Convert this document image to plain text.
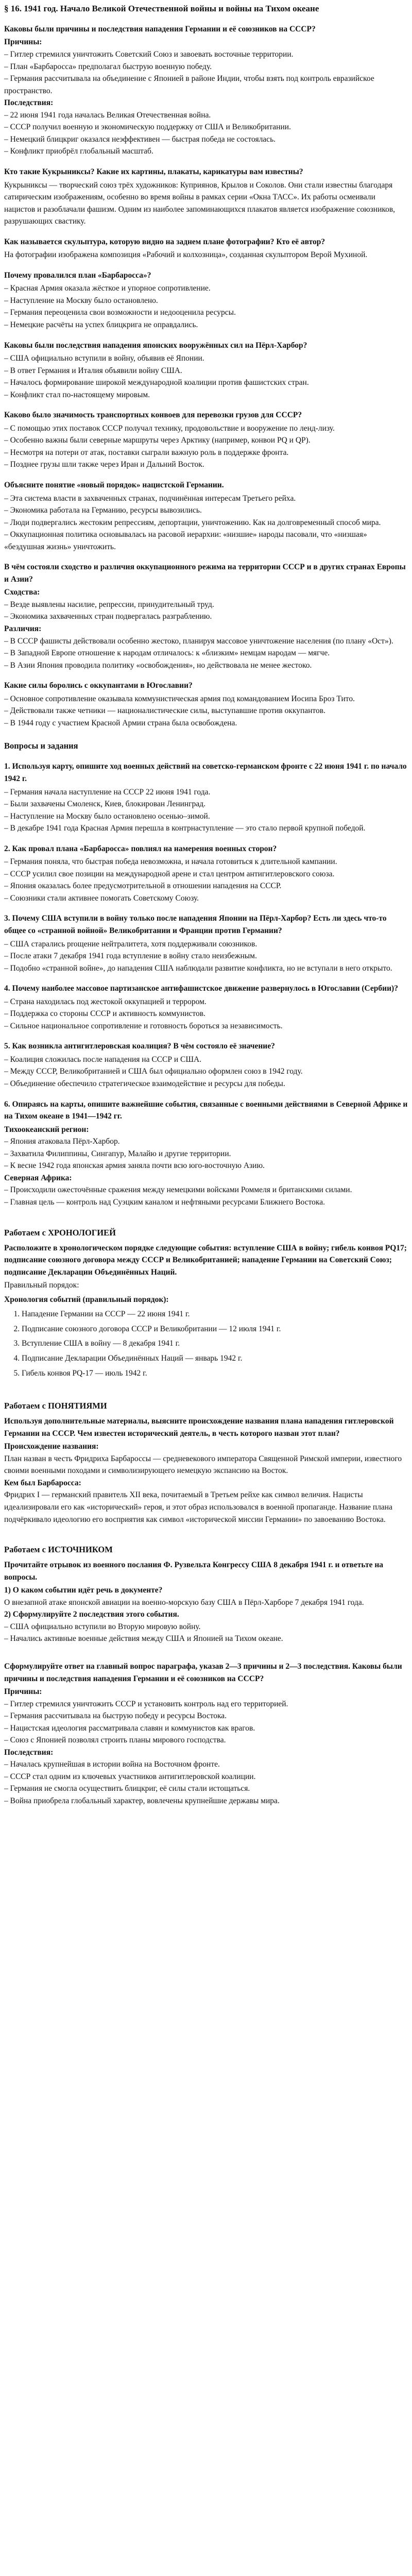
§ 16. 1941 год. Начало Великой Отечественной войны и войны на Тихом океане
Каковы были причины и последствия нападения Германии и её союзников на СССР?
Причины:
– Гитлер стремился уничтожить Советский Союз и завоевать восточные территории.
– План «Барбаросса» предполагал быструю военную победу.
– Германия рассчитывала на объединение с Японией в районе Индии, чтобы взять под контроль евразийское пространство.
Последствия:
– 22 июня 1941 года началась Великая Отечественная война.
– СССР получил военную и экономическую поддержку от США и Великобритании.
– Немецкий блицкриг оказался неэффективен — быстрая победа не состоялась.
– Конфликт приобрёл глобальный масштаб.
Кто такие Кукрыниксы? Какие их картины, плакаты, карикатуры вам известны?
Кукрыниксы — творческий союз трёх художников: Куприянов, Крылов и Соколов. Они стали известны благодаря сатирическим изображениям, особенно во время войны в рамках серии «Окна ТАСС». Их работы осмеивали нацистов и разоблачали фашизм. Одним из наиболее запоминающихся плакатов является изображение союзников, разрушающих свастику.
Как называется скульптура, которую видно на заднем плане фотографии? Кто её автор?
На фотографии изображена композиция «Рабочий и колхозница», созданная скульптором Верой Мухиной.
Почему провалился план «Барбаросса»?
– Красная Армия оказала жёсткое и упорное сопротивление.
– Наступление на Москву было остановлено.
– Германия переоценила свои возможности и недооценила ресурсы.
– Немецкие расчёты на успех блицкрига не оправдались.
Каковы были последствия нападения японских вооружённых сил на Пёрл-Харбор?
– США официально вступили в войну, объявив её Японии.
– В ответ Германия и Италия объявили войну США.
– Началось формирование широкой международной коалиции против фашистских стран.
– Конфликт стал по-настоящему мировым.
Каково было значимость транспортных конвоев для перевозки грузов для СССР?
– С помощью этих поставок СССР получал технику, продовольствие и вооружение по ленд-лизу.
– Особенно важны были северные маршруты через Арктику (например, конвои PQ и QP).
– Несмотря на потери от атак, поставки сыграли важную роль в поддержке фронта.
– Позднее грузы шли также через Иран и Дальний Восток.
Объясните понятие «новый порядок» нацистской Германии.
– Эта система власти в захваченных странах, подчинённая интересам Третьего рейха.
– Экономика работала на Германию, ресурсы вывозились.
– Люди подвергались жестоким репрессиям, депортации, уничтожению. Как на долговременный способ мира.
– Оккупационная политика основывалась на расовой иерархии: «низшие» народы пасовали, что «низшая» «бездушная жизнь» уничтожить.
В чём состояли сходство и различия оккупационного режима на территории СССР и в других странах Европы и Азии?
Сходства:
– Везде выявлены насилие, репрессии, принудительный труд.
– Экономика захваченных стран подвергалась разграблению.
Различия:
– В СССР фашисты действовали особенно жестоко, планируя массовое уничтожение населения (по плану «Ост»).
– В Западной Европе отношение к народам отличалось: к «близким» немцам народам — мягче.
– В Азии Япония проводила политику «освобождения», но действовала не менее жестоко.
Какие силы боролись с оккупантами в Югославии?
– Основное сопротивление оказывала коммунистическая армия под командованием Иосипа Броз Тито.
– Действовали также четники — националистические силы, выступавшие против оккупантов.
– В 1944 году с участием Красной Армии страна была освобождена.
Вопросы и задания
1. Используя карту, опишите ход военных действий на советско-германском фронте с 22 июня 1941 г. по начало 1942 г.
– Германия начала наступление на СССР 22 июня 1941 года.
– Были захвачены Смоленск, Киев, блокирован Ленинград.
– Наступление на Москву было остановлено осенью–зимой.
– В декабре 1941 года Красная Армия перешла в контрнаступление — это стало первой крупной победой.
2. Как провал плана «Барбаросса» повлиял на намерения военных сторон?
– Германия поняла, что быстрая победа невозможна, и начала готовиться к длительной кампании.
– СССР усилил свое позиции на международной арене и стал центром антигитлеровского союза.
– Япония оказалась более предусмотрительной в отношении нападения на СССР.
– Союзники стали активнее помогать Советскому Союзу.
3. Почему США вступили в войну только после нападения Японии на Пёрл-Харбор? Есть ли здесь что-то общее со «странной войной» Великобритании и Франции против Германии?
– США старались proщение нейтралитета, хотя поддерживали союзников.
– После атаки 7 декабря 1941 года вступление в войну стало неизбежным.
– Подобно «странной войне», до нападения США наблюдали развитие конфликта, но не вступали в него открыто.
4. Почему наиболее массовое партизанское антифашистское движение развернулось в Югославии (Сербии)?
– Страна находилась под жестокой оккупацией и террором.
– Поддержка со стороны СССР и активность коммунистов.
– Сильное национальное сопротивление и готовность бороться за независимость.
5. Как возникла антигитлеровская коалиция? В чём состояло её значение?
– Коалиция сложилась после нападения на СССР и США.
– Между СССР, Великобританией и США был официально оформлен союз в 1942 году.
– Объединение обеспечило стратегическое взаимодействие и ресурсы для победы.
6. Опираясь на карты, опишите важнейшие события, связанные с военными действиями в Северной Африке и на Тихом океане в 1941—1942 гг.
Тихоокеанский регион:
– Япония атаковала Пёрл-Харбор.
– Захватила Филиппины, Сингапур, Малайю и другие территории.
– К весне 1942 года японская армия заняла почти всю юго-восточную Азию.
Северная Африка:
– Происходили ожесточённые сражения между немецкими войсками Роммеля и британскими силами.
– Главная цель — контроль над Суэцким каналом и нефтяными ресурсами Ближнего Востока.
Работаем с ХРОНОЛОГИЕЙ
Расположите в хронологическом порядке следующие события: вступление США в войну; гибель конвоя PQ17; подписание союзного договора между СССР и Великобританией; нападение Германии на Советский Союз; подписание Декларации Объединённых Наций.
Правильный порядок:
Хронология событий (правильный порядок):
1. Нападение Германии на СССР — 22 июня 1941 г.
2. Подписание союзного договора СССР и Великобритании — 12 июля 1941 г.
3. Вступление США в войну — 8 декабря 1941 г.
4. Подписание Декларации Объединённых Наций — январь 1942 г.
5. Гибель конвоя PQ-17 — июль 1942 г.
Работаем с ПОНЯТИЯМИ
Используя дополнительные материалы, выясните происхождение названия плана нападения гитлеровской Германии на СССР. Чем известен исторический деятель, в честь которого назван этот план?
Происхождение названия:
План назван в честь Фридриха Барбароссы — средневекового императора Священной Римской империи, известного своими военными походами и символизирующего немецкую экспансию на Восток.
Кем был Барбаросса:
Фридрих I — германский правитель XII века, почитаемый в Третьем рейхе как символ величия. Нацисты идеализировали его как «исторический» героя, и этот образ использовался в военной пропаганде. Название плана подчёркивало идеологию его восприятия как символ «исторической миссии Германии» по завоеванию Востока.
Работаем с ИСТОЧНИКОМ
Прочитайте отрывок из военного послания Ф. Рузвельта Конгрессу США 8 декабря 1941 г. и ответьте на вопросы.
1) О каком событии идёт речь в документе?
О внезапной атаке японской авиации на военно-морскую базу США в Пёрл-Харборе 7 декабря 1941 года.
2) Сформулируйте 2 последствия этого события.
– США официально вступили во Вторую мировую войну.
– Начались активные военные действия между США и Японией на Тихом океане.
Сформулируйте ответ на главный вопрос параграфа, указав 2—3 причины и 2—3 последствия. Каковы были причины и последствия нападения Германии и её союзников на СССР?
Причины:
– Гитлер стремился уничтожить СССР и установить контроль над его территорией.
– Германия рассчитывала на быструю победу и ресурсы Востока.
– Нацистская идеология рассматривала славян и коммунистов как врагов.
– Союз с Японией позволял строить планы мирового господства.
Последствия:
– Началась крупнейшая в истории война на Восточном фронте.
– СССР стал одним из ключевых участников антигитлеровской коалиции.
– Германия не смогла осуществить блицкриг, её силы стали истощаться.
– Война приобрела глобальный характер, вовлечены крупнейшие державы мира.
